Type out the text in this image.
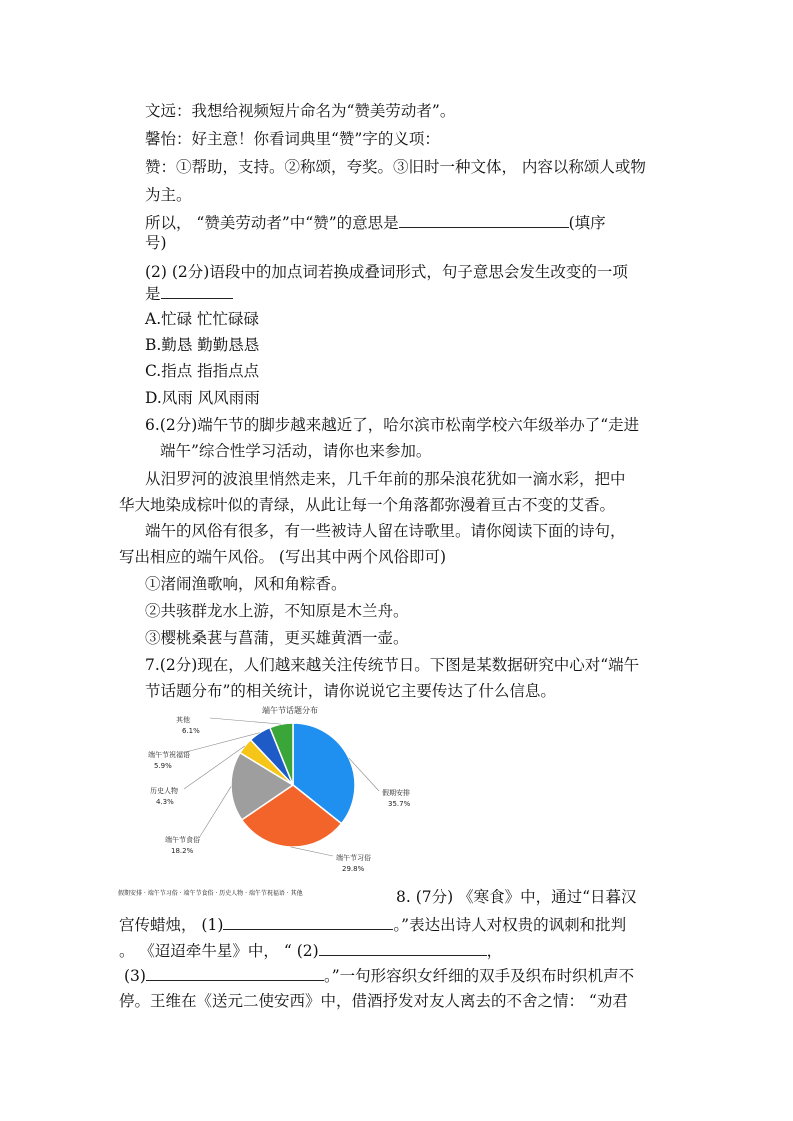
文远：我想给视频短片命名为“赞美劳动者”。
馨怡：好主意！你看词典里“赞”字的义项：
赞：①帮助，支持。②称颂，夸奖。③旧时一种文体， 内容以称颂人或物
为主。
所以， “赞美劳动者”中“赞”的意思是	(填序
号)
(2) (2分)语段中的加点词若换成叠词形式，句子意思会发生改变的一项
是
A.忙碌 忙忙碌碌
B.勤恳 勤勤恳恳
C.指点 指指点点
D.风雨 风风雨雨
6.(2分)端午节的脚步越来越近了，哈尔滨市松南学校六年级举办了“走进
端午”综合性学习活动，请你也来参加。
从汨罗河的波浪里悄然走来，几千年前的那朵浪花犹如一滴水彩，把中
华大地染成棕叶似的青绿，从此让每一个角落都弥漫着亘古不变的艾香。
端午的风俗有很多，有一些被诗人留在诗歌里。请你阅读下面的诗句，
写出相应的端午风俗。 (写出其中两个风俗即可)
①渚闹渔歌响，风和角粽香。
②共骇群龙水上游，不知原是木兰舟。
③樱桃桑葚与菖蒲，更买雄黄酒一壶。
7.(2分)现在，人们越来越关注传统节日。下图是某数据研究中心对“端午
节话题分布”的相关统计，请你说说它主要传达了什么信息。
端午节话题分布
假期安排
35.7%
端午节习俗
29.8%
端午节食俗
18.2%
历史人物
4.3%
端午节祝福语
5.9%
其他
6.1%
假期安排 · 端午节习俗 · 端午节食俗 · 历史人物 · 端午节祝福语 · 其他	8. (7分) 《寒食》中，通过“日暮汉
宫传蜡烛， (1)	。”表达出诗人对权贵的讽刺和批判
。 《迢迢牵牛星》中， “ (2)	，
(3)	。”一句形容织女纤细的双手及织布时织机声不
停。王维在《送元二使安西》中，借酒抒发对友人离去的不舍之情： “劝君
